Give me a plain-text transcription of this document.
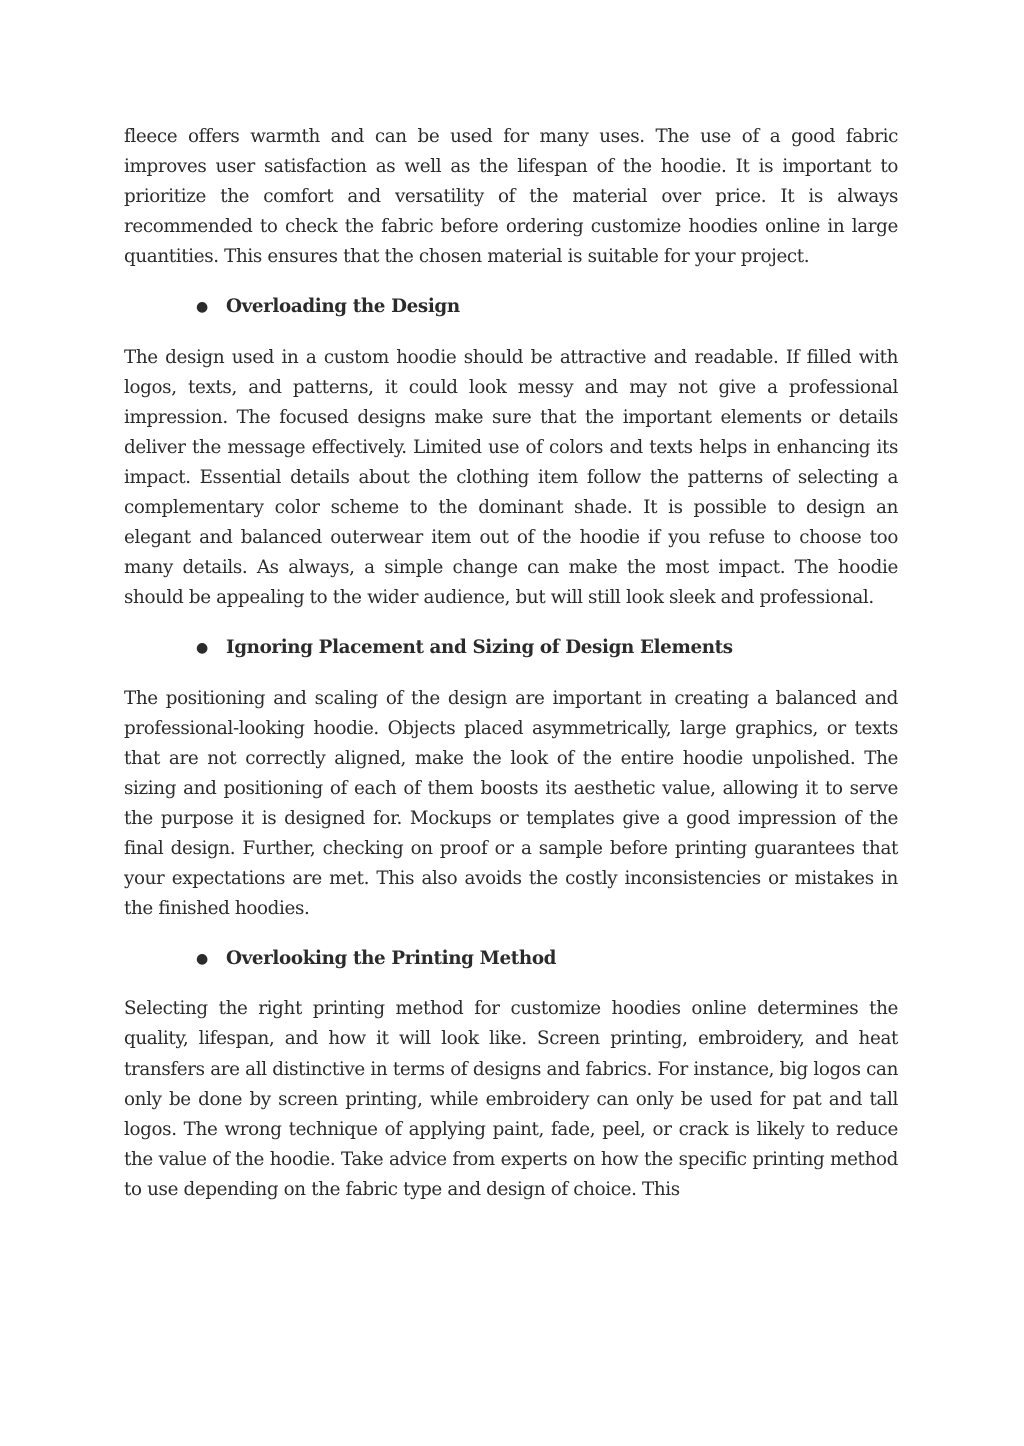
fleece offers warmth and can be used for many uses. The use of a good fabric improves user satisfaction as well as the lifespan of the hoodie. It is important to prioritize the comfort and versatility of the material over price. It is always recommended to check the fabric before ordering customize hoodies online in large quantities. This ensures that the chosen material is suitable for your project.

● Overloading the Design

The design used in a custom hoodie should be attractive and readable. If filled with logos, texts, and patterns, it could look messy and may not give a professional impression. The focused designs make sure that the important elements or details deliver the message effectively. Limited use of colors and texts helps in enhancing its impact. Essential details about the clothing item follow the patterns of selecting a complementary color scheme to the dominant shade. It is possible to design an elegant and balanced outerwear item out of the hoodie if you refuse to choose too many details. As always, a simple change can make the most impact. The hoodie should be appealing to the wider audience, but will still look sleek and professional.

● Ignoring Placement and Sizing of Design Elements

The positioning and scaling of the design are important in creating a balanced and professional-looking hoodie. Objects placed asymmetrically, large graphics, or texts that are not correctly aligned, make the look of the entire hoodie unpolished. The sizing and positioning of each of them boosts its aesthetic value, allowing it to serve the purpose it is designed for. Mockups or templates give a good impression of the final design. Further, checking on proof or a sample before printing guarantees that your expectations are met. This also avoids the costly inconsistencies or mistakes in the finished hoodies.

● Overlooking the Printing Method

Selecting the right printing method for customize hoodies online determines the quality, lifespan, and how it will look like. Screen printing, embroidery, and heat transfers are all distinctive in terms of designs and fabrics. For instance, big logos can only be done by screen printing, while embroidery can only be used for pat and tall logos. The wrong technique of applying paint, fade, peel, or crack is likely to reduce the value of the hoodie. Take advice from experts on how the specific printing method to use depending on the fabric type and design of choice. This
